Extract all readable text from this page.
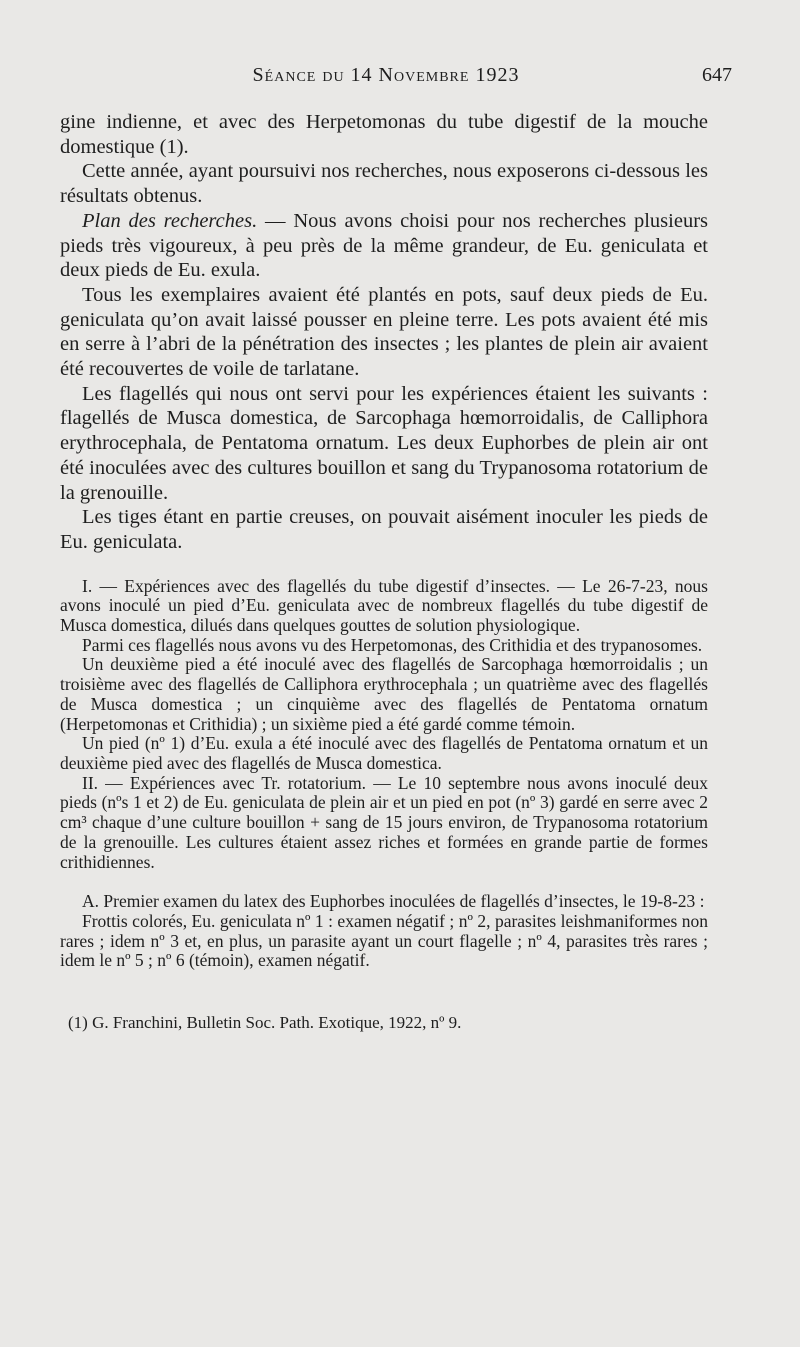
Séance du 14 Novembre 1923	647

gine indienne, et avec des Herpetomonas du tube digestif de la mouche domestique (1).

Cette année, ayant poursuivi nos recherches, nous exposerons ci-dessous les résultats obtenus.

Plan des recherches. — Nous avons choisi pour nos recherches plusieurs pieds très vigoureux, à peu près de la même grandeur, de Eu. geniculata et deux pieds de Eu. exula.

Tous les exemplaires avaient été plantés en pots, sauf deux pieds de Eu. geniculata qu’on avait laissé pousser en pleine terre. Les pots avaient été mis en serre à l’abri de la pénétration des insectes ; les plantes de plein air avaient été recouvertes de voile de tarlatane.

Les flagellés qui nous ont servi pour les expériences étaient les suivants : flagellés de Musca domestica, de Sarcophaga hœmorroidalis, de Calliphora erythrocephala, de Pentatoma ornatum. Les deux Euphorbes de plein air ont été inoculées avec des cultures bouillon et sang du Trypanosoma rotatorium de la grenouille.

Les tiges étant en partie creuses, on pouvait aisément inoculer les pieds de Eu. geniculata.

I. — Expériences avec des flagellés du tube digestif d’insectes. — Le 26-7-23, nous avons inoculé un pied d’Eu. geniculata avec de nombreux flagellés du tube digestif de Musca domestica, dilués dans quelques gouttes de solution physiologique.

Parmi ces flagellés nous avons vu des Herpetomonas, des Crithidia et des trypanosomes.

Un deuxième pied a été inoculé avec des flagellés de Sarcophaga hœmorroidalis ; un troisième avec des flagellés de Calliphora erythrocephala ; un quatrième avec des flagellés de Musca domestica ; un cinquième avec des flagellés de Pentatoma ornatum (Herpetomonas et Crithidia) ; un sixième pied a été gardé comme témoin.

Un pied (nº 1) d’Eu. exula a été inoculé avec des flagellés de Pentatoma ornatum et un deuxième pied avec des flagellés de Musca domestica.

II. — Expériences avec Tr. rotatorium. — Le 10 septembre nous avons inoculé deux pieds (nºs 1 et 2) de Eu. geniculata de plein air et un pied en pot (nº 3) gardé en serre avec 2 cm³ chaque d’une culture bouillon + sang de 15 jours environ, de Trypanosoma rotatorium de la grenouille. Les cultures étaient assez riches et formées en grande partie de formes crithidiennes.

A. Premier examen du latex des Euphorbes inoculées de flagellés d’insectes, le 19-8-23 :

Frottis colorés, Eu. geniculata nº 1 : examen négatif ; nº 2, parasites leishmaniformes non rares ; idem nº 3 et, en plus, un parasite ayant un court flagelle ; nº 4, parasites très rares ; idem le nº 5 ; nº 6 (témoin), examen négatif.

(1) G. Franchini, Bulletin Soc. Path. Exotique, 1922, nº 9.
